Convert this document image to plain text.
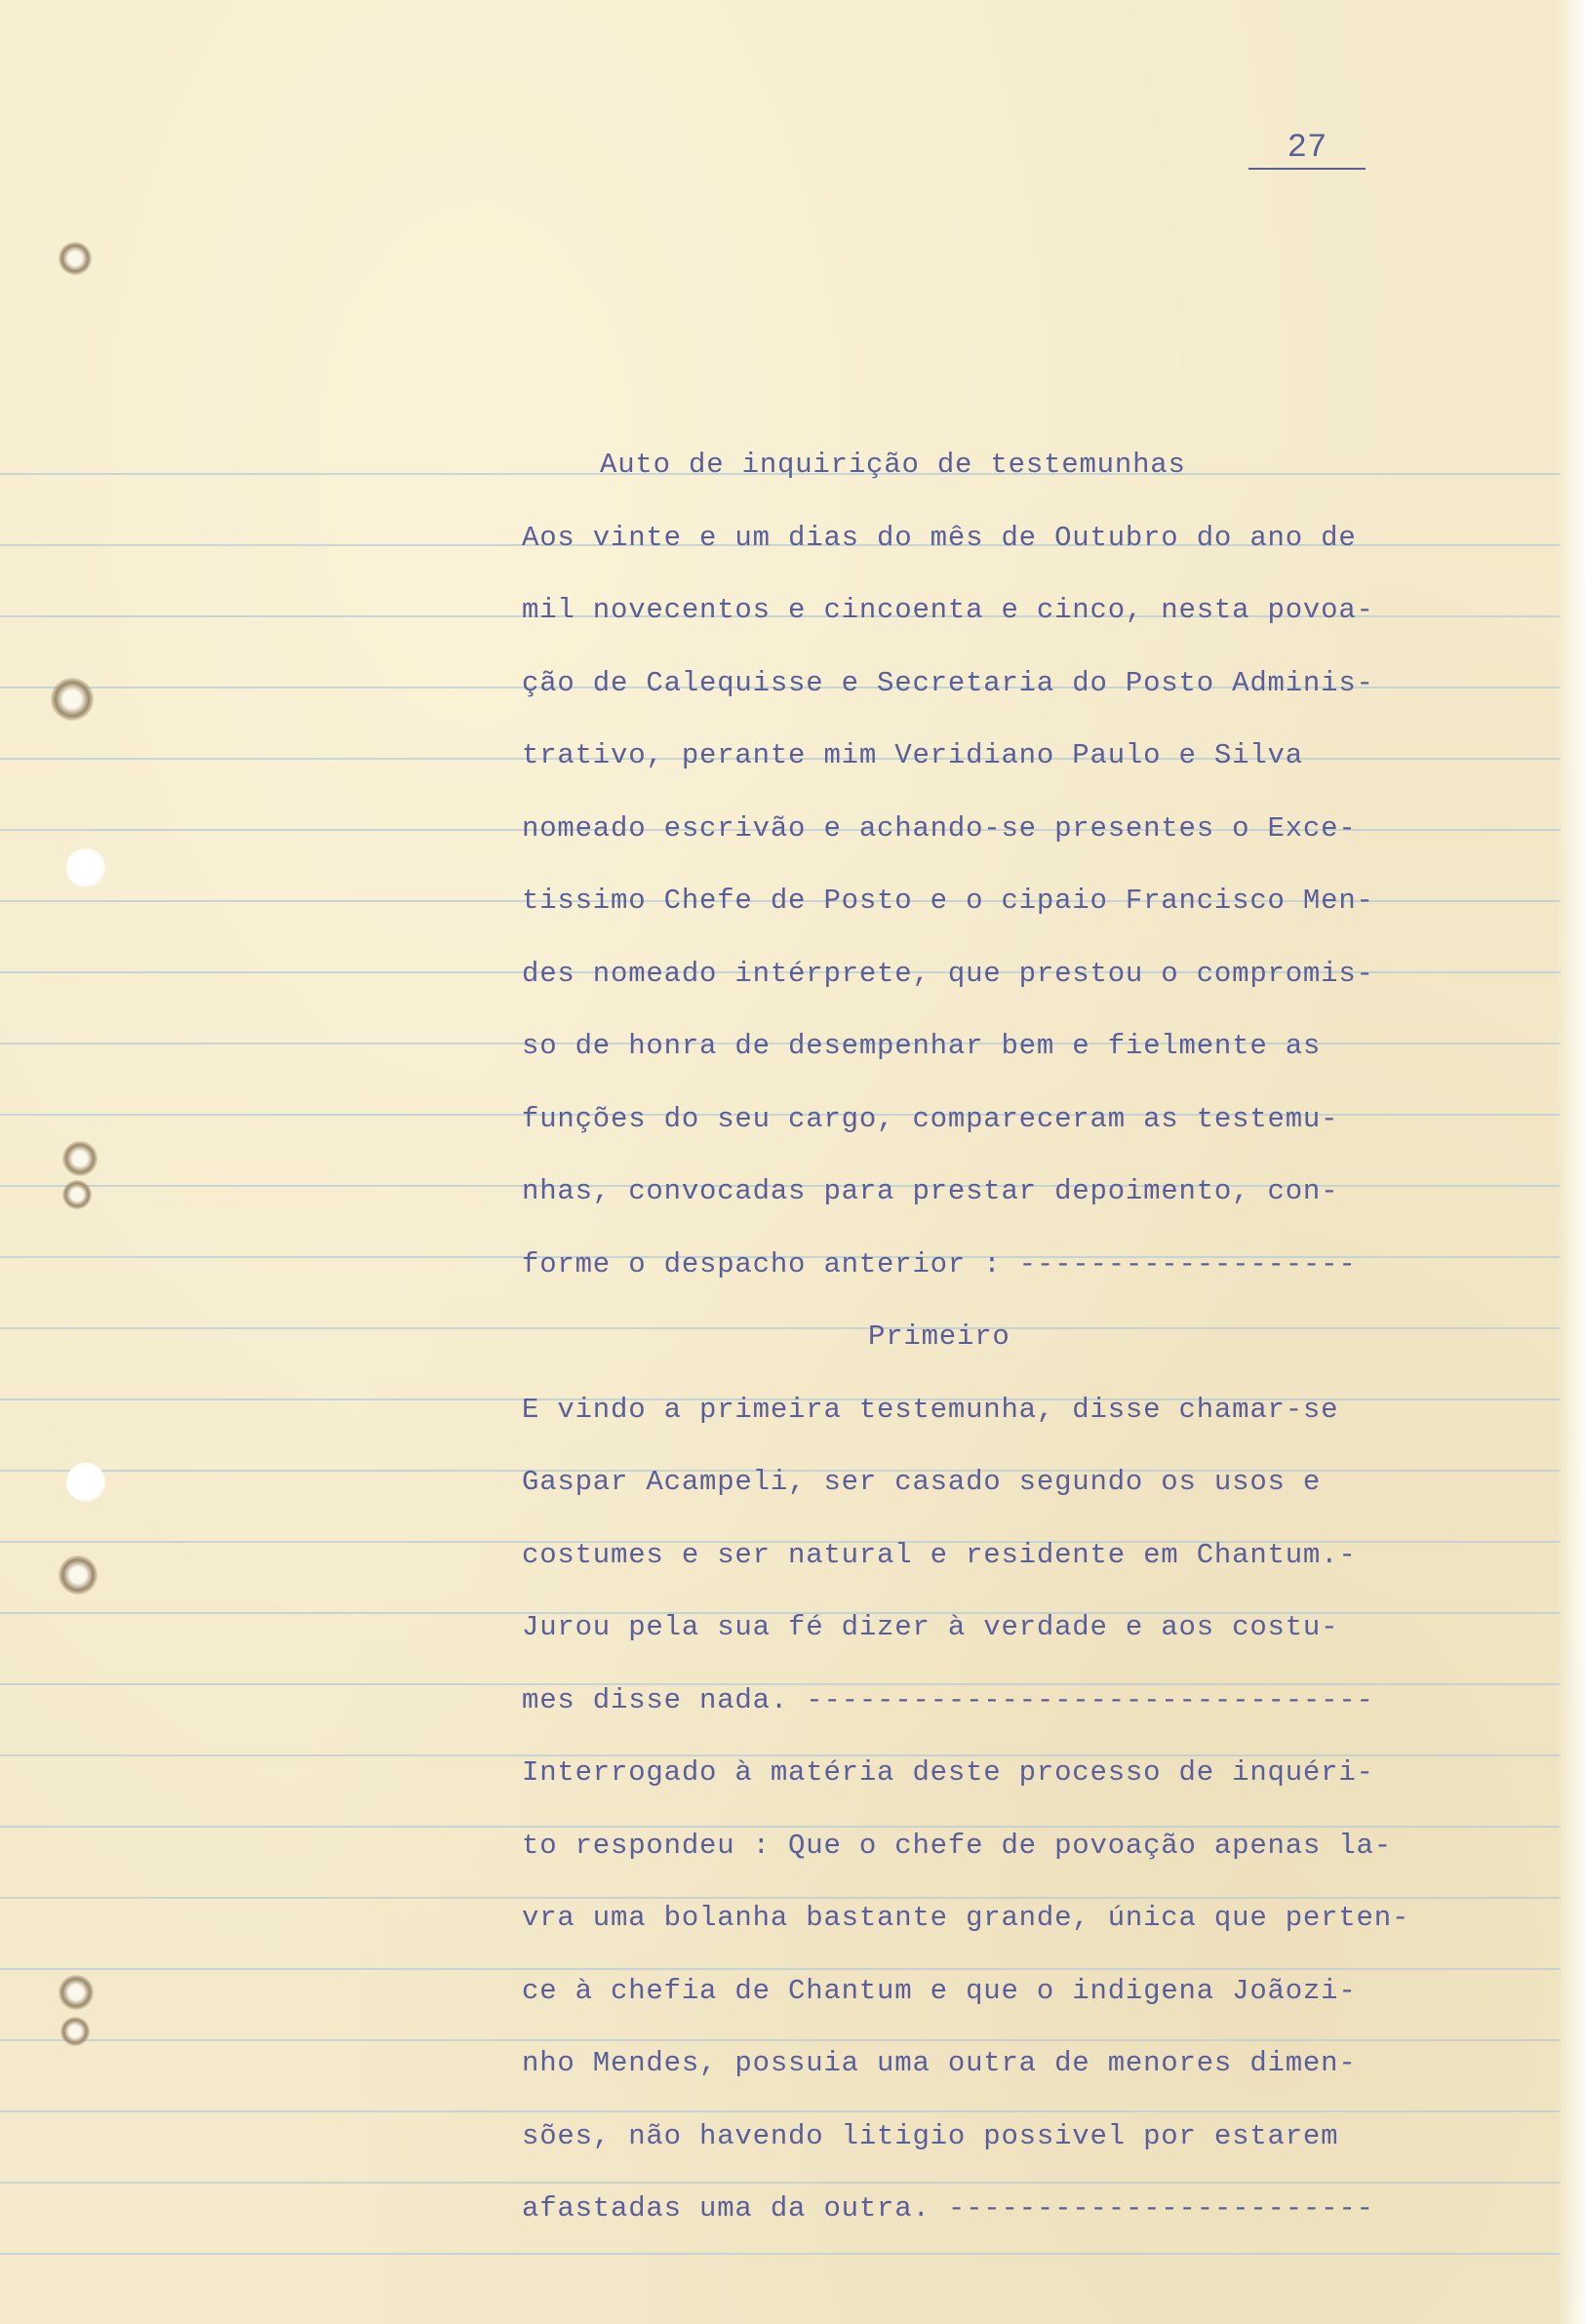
27
Auto de inquirição de testemunhas
Aos vinte e um dias do mês de Outubro do ano de
mil novecentos e cincoenta e cinco, nesta povoa-
ção de Calequisse e Secretaria do Posto Adminis-
trativo, perante mim Veridiano Paulo e Silva
nomeado escrivão e achando-se presentes o Exce-
tissimo Chefe de Posto e o cipaio Francisco Men-
des nomeado intérprete, que prestou o compromis-
so de honra de desempenhar bem e fielmente as
funções do seu cargo, compareceram as testemu-
nhas, convocadas para prestar depoimento, con-
forme o despacho anterior : -------------------
Primeiro
E vindo a primeira testemunha, disse chamar-se
Gaspar Acampeli, ser casado segundo os usos e
costumes e ser natural e residente em Chantum.-
Jurou pela sua fé dizer à verdade e aos costu-
mes disse nada. --------------------------------
Interrogado à matéria deste processo de inquéri-
to respondeu : Que o chefe de povoação apenas la-
vra uma bolanha bastante grande, única que perten-
ce à chefia de Chantum e que o indigena Joãozi-
nho Mendes, possuia uma outra de menores dimen-
sões, não havendo litigio possivel por estarem
afastadas uma da outra. ------------------------
